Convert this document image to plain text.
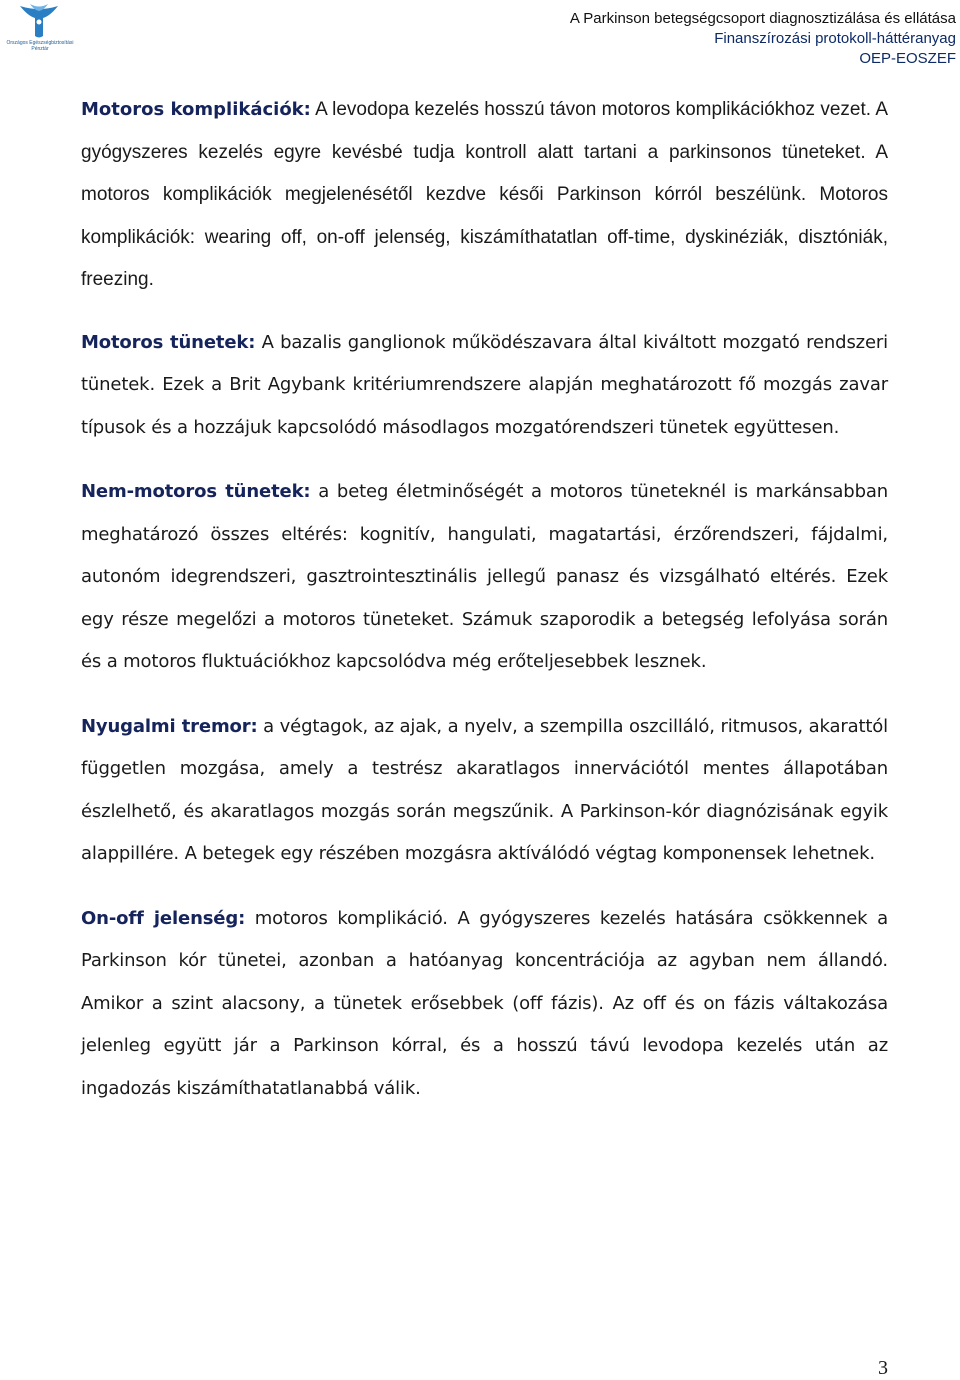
Országos Egészségbiztosítási Pénztár
A Parkinson betegségcsoport diagnosztizálása és ellátása
Finanszírozási protokoll-háttéranyag
OEP-EOSZEF

Motoros komplikációk: A levodopa kezelés hosszú távon motoros komplikációkhoz vezet. A gyógyszeres kezelés egyre kevésbé tudja kontroll alatt tartani a parkinsonos tüneteket. A motoros komplikációk megjelenésétől kezdve késői Parkinson kórról beszélünk. Motoros komplikációk: wearing off, on-off jelenség, kiszámíthatatlan off-time, dyskinéziák, disztóniák, freezing.

Motoros tünetek: A bazalis ganglionok működészavara által kiváltott mozgató rendszeri tünetek. Ezek a Brit Agybank kritériumrendszere alapján meghatározott fő mozgás zavar típusok és a hozzájuk kapcsolódó másodlagos mozgatórendszeri tünetek együttesen.

Nem-motoros tünetek: a beteg életminőségét a motoros tüneteknél is markánsabban meghatározó összes eltérés: kognitív, hangulati, magatartási, érzőrendszeri, fájdalmi, autonóm idegrendszeri, gasztrointesztinális jellegű panasz és vizsgálható eltérés. Ezek egy része megelőzi a motoros tüneteket. Számuk szaporodik a betegség lefolyása során és a motoros fluktuációkhoz kapcsolódva még erőteljesebbek lesznek.

Nyugalmi tremor: a végtagok, az ajak, a nyelv, a szempilla oszcilláló, ritmusos, akarattól független mozgása, amely a testrész akaratlagos innervációtól mentes állapotában észlelhető, és akaratlagos mozgás során megszűnik. A Parkinson-kór diagnózisának egyik alappillére. A betegek egy részében mozgásra aktíválódó végtag komponensek lehetnek.

On-off jelenség: motoros komplikáció. A gyógyszeres kezelés hatására csökkennek a Parkinson kór tünetei, azonban a hatóanyag koncentrációja az agyban nem állandó. Amikor a szint alacsony, a tünetek erősebbek (off fázis). Az off és on fázis váltakozása jelenleg együtt jár a Parkinson kórral, és a hosszú távú levodopa kezelés után az ingadozás kiszámíthatatlanabbá válik.

3
